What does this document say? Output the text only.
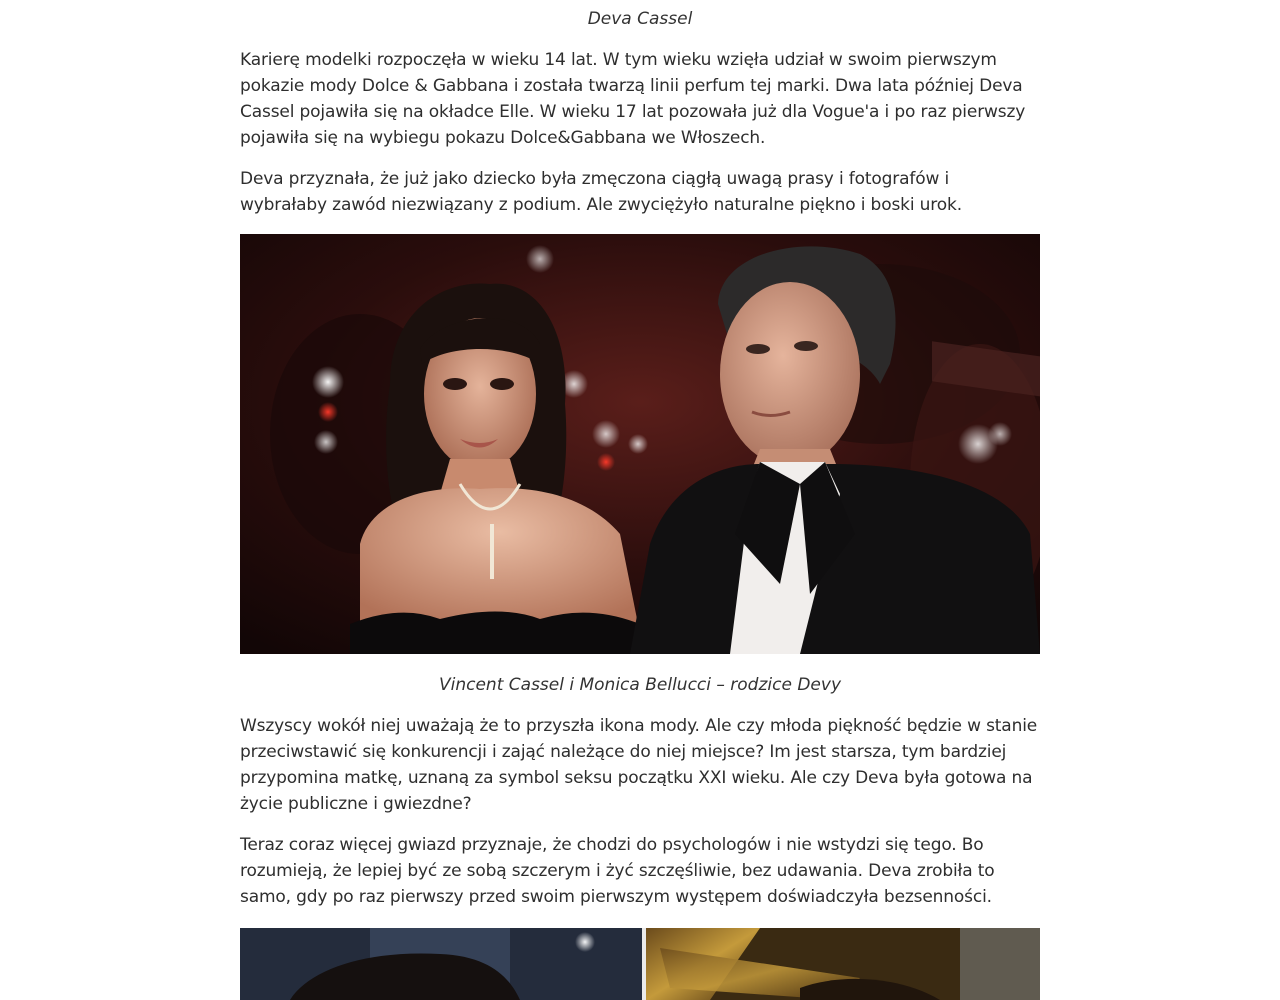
Deva Cassel

Karierę modelki rozpoczęła w wieku 14 lat. W tym wieku wzięła udział w swoim pierwszym pokazie mody Dolce & Gabbana i została twarzą linii perfum tej marki. Dwa lata później Deva Cassel pojawiła się na okładce Elle. W wieku 17 lat pozowała już dla Vogue'a i po raz pierwszy pojawiła się na wybiegu pokazu Dolce&Gabbana we Włoszech.

Deva przyznała, że już jako dziecko była zmęczona ciągłą uwagą prasy i fotografów i wybrałaby zawód niezwiązany z podium. Ale zwyciężyło naturalne piękno i boski urok.

Vincent Cassel i Monica Bellucci – rodzice Devy

Wszyscy wokół niej uważają że to przyszła ikona mody. Ale czy młoda piękność będzie w stanie przeciwstawić się konkurencji i zająć należące do niej miejsce? Im jest starsza, tym bardziej przypomina matkę, uznaną za symbol seksu początku XXI wieku. Ale czy Deva była gotowa na życie publiczne i gwiezdne?

Teraz coraz więcej gwiazd przyznaje, że chodzi do psychologów i nie wstydzi się tego. Bo rozumieją, że lepiej być ze sobą szczerym i żyć szczęśliwie, bez udawania. Deva zrobiła to samo, gdy po raz pierwszy przed swoim pierwszym występem doświadczyła bezsenności.
